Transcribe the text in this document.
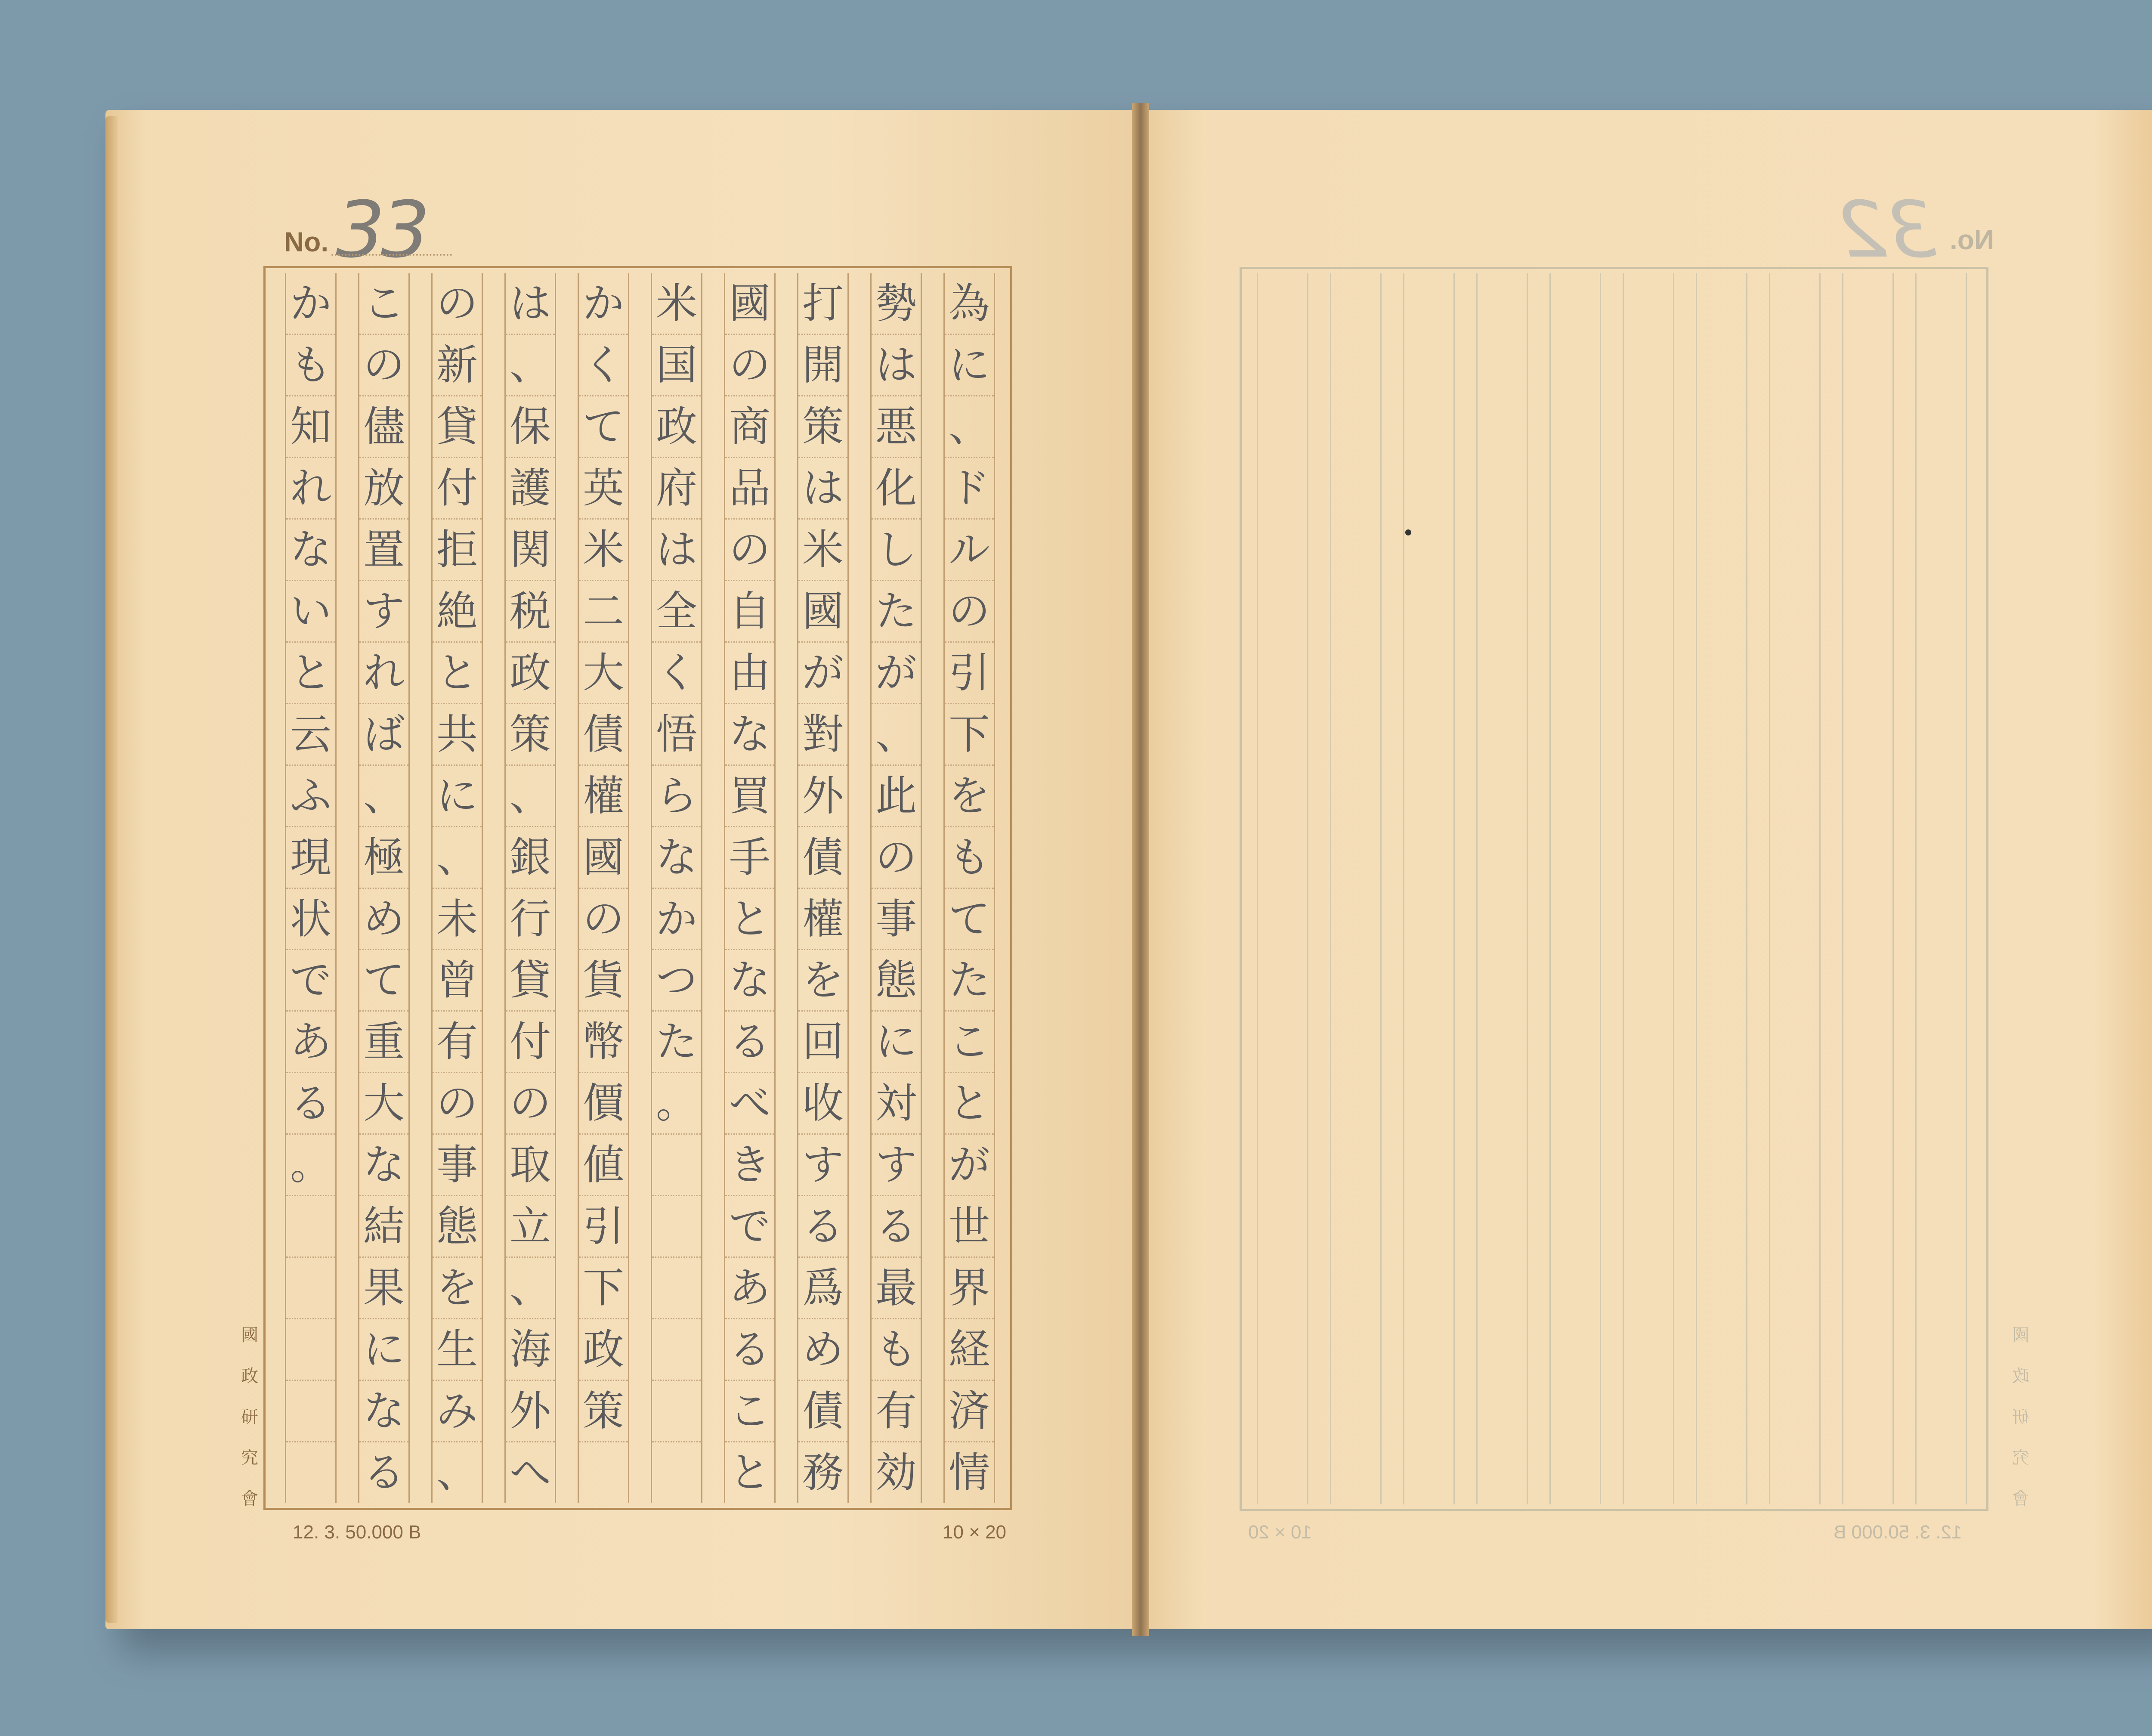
No. 33
為
に
、
ド
ル
の
引
下
を
も
て
た
こ
と
が
世
界
経
済
情
勢
は
悪
化
し
た
が
、
此
の
事
態
に
対
す
る
最
も
有
効
打
開
策
は
米
國
が
對
外
債
權
を
回
收
す
る
爲
め
債
務
國
の
商
品
の
自
由
な
買
手
と
な
る
べ
き
で
あ
る
こ
と
米
国
政
府
は
全
く
悟
ら
な
か
つ
た
。
か
く
て
英
米
二
大
債
權
國
の
貨
幣
價
値
引
下
政
策
は
、
保
護
関
税
政
策
、
銀
行
貸
付
の
取
立
、
海
外
へ
の
新
貸
付
拒
絶
と
共
に
、
未
曾
有
の
事
態
を
生
み
、
こ
の
儘
放
置
す
れ
ば
、
極
め
て
重
大
な
結
果
に
な
る
か
も
知
れ
な
い
と
云
ふ
現
状
で
あ
る
。
12. 3. 50.000 B	10 × 20
國
政
研
究
會
No.
32
10 × 20	12. 3. 50.000 B
國
政
研
究
會
